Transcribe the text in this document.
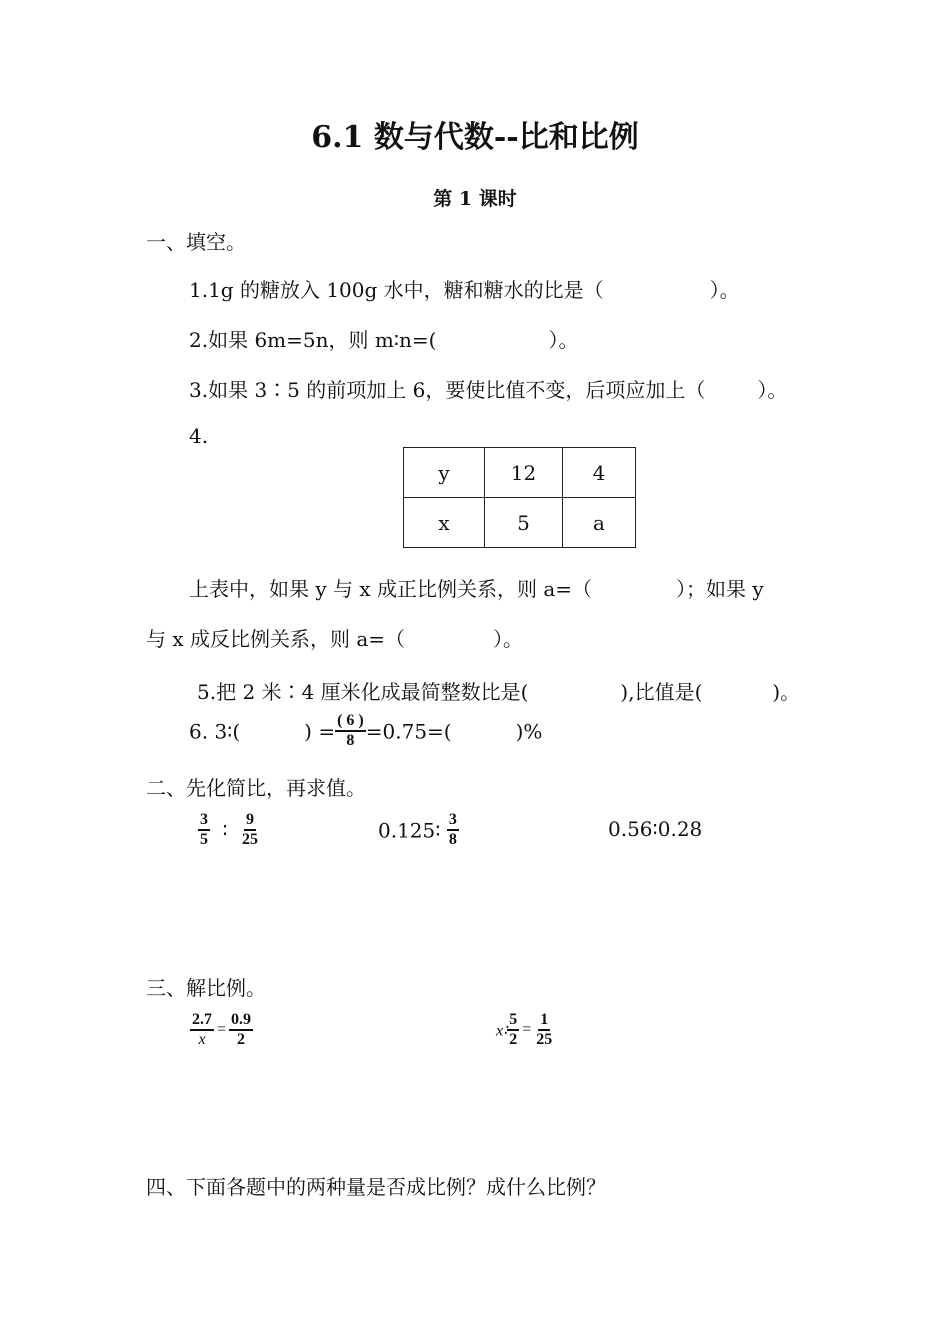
6.1 数与代数--比和比例
第 1 课时
一、填空。
1.1g 的糖放入 100g 水中，糖和糖水的比是（	）。
2.如果 6m=5n，则 m∶n=(	）。
3.如果 3∶5 的前项加上 6，要使比值不变，后项应加上（	）。
4.
y	12	4
x	5	a
上表中，如果 y 与 x 成正比例关系，则 a=（	）；如果 y
与 x 成反比例关系，则 a=（	）。
5.把 2 米∶4 厘米化成最简整数比是(	),比值是(	)。
6. 3∶(	) = $\frac{( 6 )}{8} =0.75=$(	)%
二、先化简比，再求值。
$\frac{3}{5}$ ∶ $\frac{9}{25}$	0.125∶ $\frac{3}{8}$	0.56∶0.28
三、解比例。
$\frac{2.7}{x} = \frac{0.9}{2}$	x∶ $\frac{5}{2} = \frac{1}{25}$
四、下面各题中的两种量是否成比例？成什么比例？
